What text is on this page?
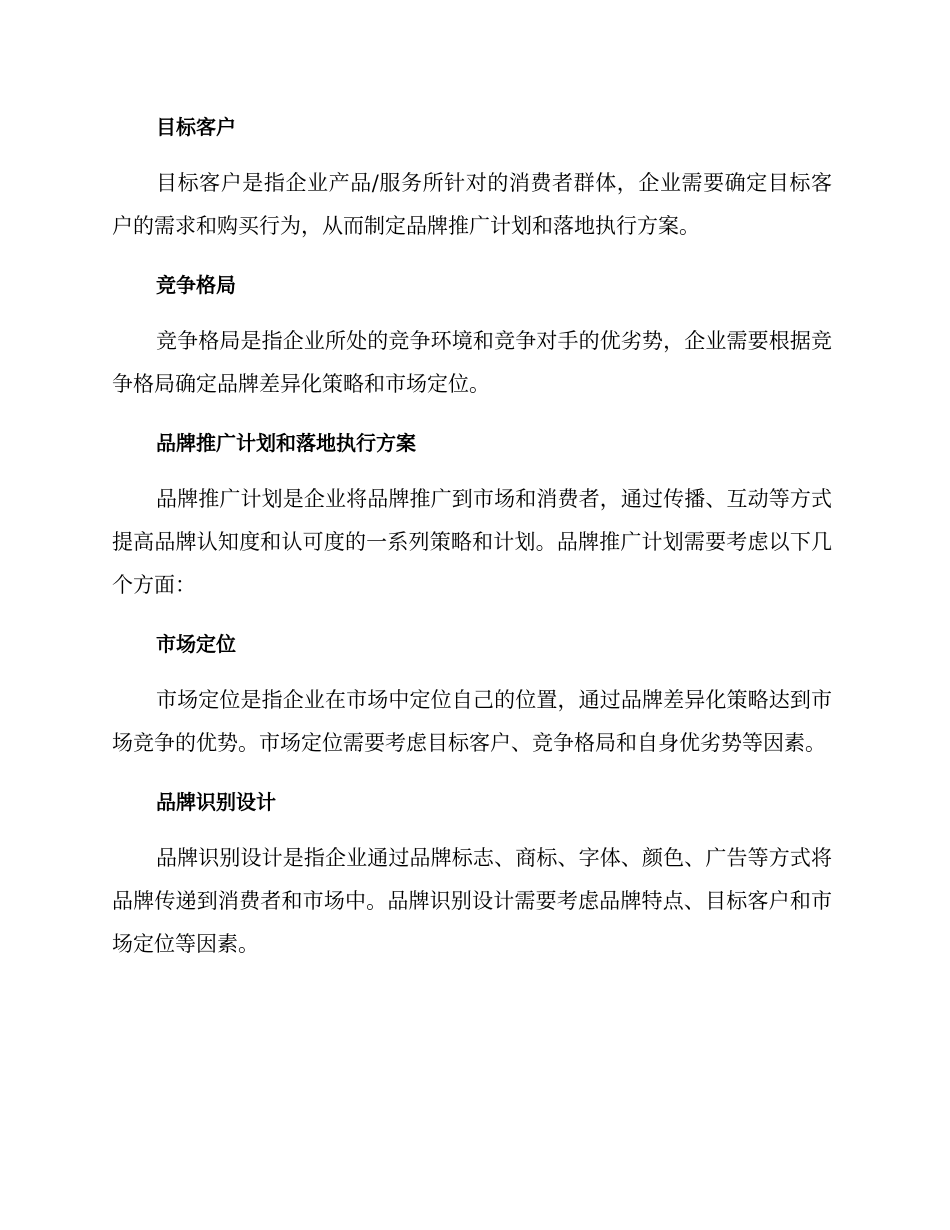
目标客户

目标客户是指企业产品/服务所针对的消费者群体，企业需要确定目标客户的需求和购买行为，从而制定品牌推广计划和落地执行方案。

竞争格局

竞争格局是指企业所处的竞争环境和竞争对手的优劣势，企业需要根据竞争格局确定品牌差异化策略和市场定位。

品牌推广计划和落地执行方案

品牌推广计划是企业将品牌推广到市场和消费者，通过传播、互动等方式提高品牌认知度和认可度的一系列策略和计划。品牌推广计划需要考虑以下几个方面：

市场定位

市场定位是指企业在市场中定位自己的位置，通过品牌差异化策略达到市场竞争的优势。市场定位需要考虑目标客户、竞争格局和自身优劣势等因素。

品牌识别设计

品牌识别设计是指企业通过品牌标志、商标、字体、颜色、广告等方式将品牌传递到消费者和市场中。品牌识别设计需要考虑品牌特点、目标客户和市场定位等因素。
